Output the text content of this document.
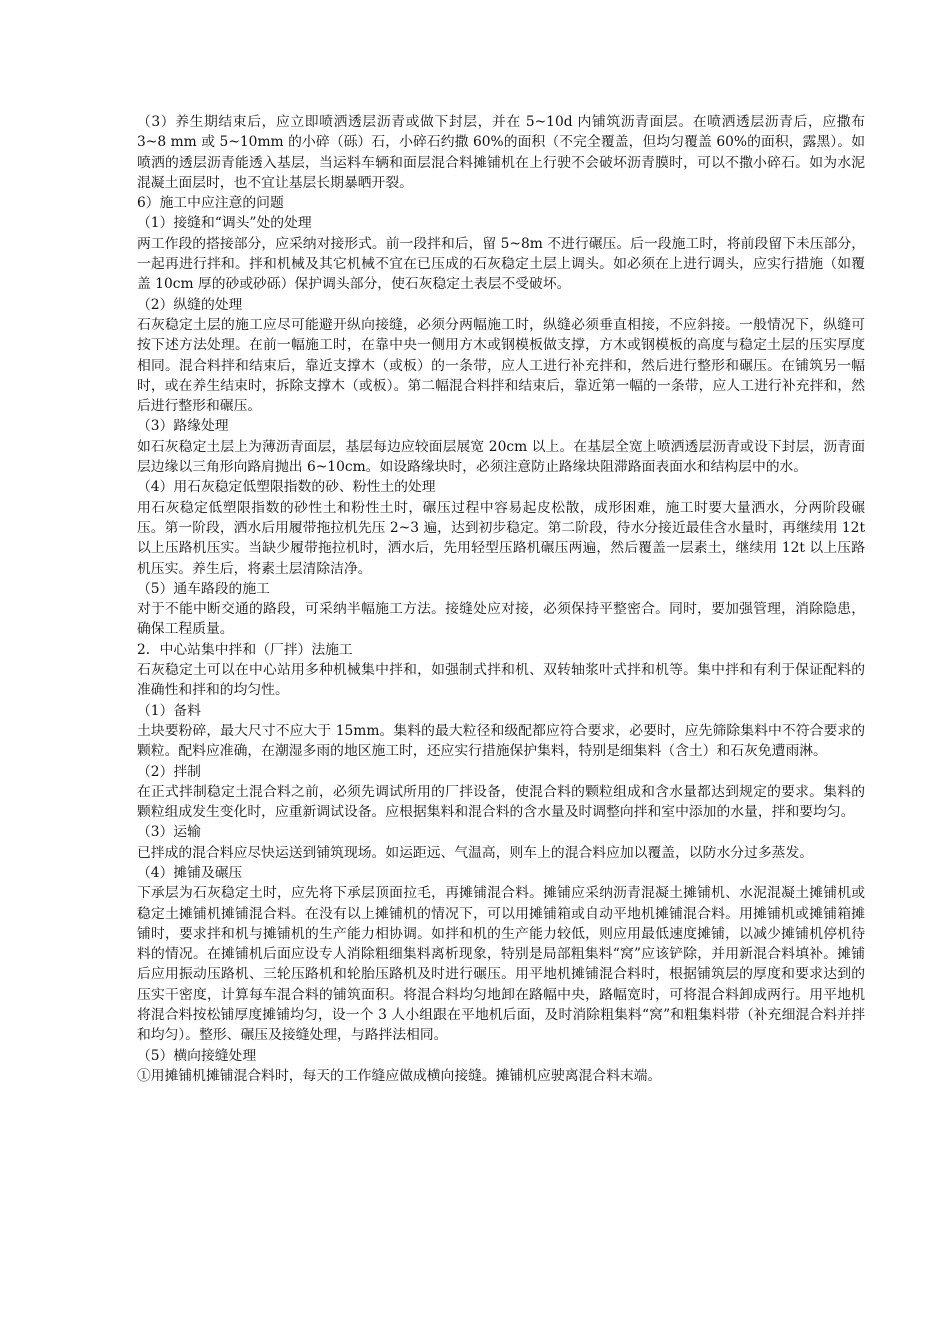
（3）养生期结束后，应立即喷洒透层沥青或做下封层，并在 5~10d 内铺筑沥青面层。在喷洒透层沥青后，应撒布 3~8 mm 或 5~10mm 的小碎（砾）石，小碎石约撒 60%的面积（不完全覆盖，但均匀覆盖 60%的面积，露黑）。如喷洒的透层沥青能透入基层，当运料车辆和面层混合料摊铺机在上行驶不会破坏沥青膜时，可以不撒小碎石。如为水泥混凝土面层时，也不宜让基层长期暴晒开裂。

6）施工中应注意的问题

（1）接缝和“调头”处的处理

两工作段的搭接部分，应采纳对接形式。前一段拌和后，留 5~8m 不进行碾压。后一段施工时，将前段留下未压部分，一起再进行拌和。拌和机械及其它机械不宜在已压成的石灰稳定土层上调头。如必须在上进行调头，应实行措施（如覆盖 10cm 厚的砂或砂砾）保护调头部分，使石灰稳定土表层不受破坏。

（2）纵缝的处理

石灰稳定土层的施工应尽可能避开纵向接缝，必须分两幅施工时，纵缝必须垂直相接，不应斜接。一般情况下，纵缝可按下述方法处理。在前一幅施工时，在靠中央一侧用方木或钢模板做支撑，方木或钢模板的高度与稳定土层的压实厚度相同。混合料拌和结束后，靠近支撑木（或板）的一条带，应人工进行补充拌和，然后进行整形和碾压。在铺筑另一幅时，或在养生结束时，拆除支撑木（或板）。第二幅混合料拌和结束后，靠近第一幅的一条带，应人工进行补充拌和，然后进行整形和碾压。

（3）路缘处理

如石灰稳定土层上为薄沥青面层，基层每边应较面层展宽 20cm 以上。在基层全宽上喷洒透层沥青或设下封层，沥青面层边缘以三角形向路肩抛出 6~10cm。如设路缘块时，必须注意防止路缘块阻滞路面表面水和结构层中的水。

（4）用石灰稳定低塑限指数的砂、粉性土的处理

用石灰稳定低塑限指数的砂性土和粉性土时，碾压过程中容易起皮松散，成形困难，施工时要大量洒水，分两阶段碾压。第一阶段，洒水后用履带拖拉机先压 2~3 遍，达到初步稳定。第二阶段，待水分接近最佳含水量时，再继续用 12t 以上压路机压实。当缺少履带拖拉机时，洒水后，先用轻型压路机碾压两遍，然后覆盖一层素土，继续用 12t 以上压路机压实。养生后，将素土层清除洁净。

（5）通车路段的施工

对于不能中断交通的路段，可采纳半幅施工方法。接缝处应对接，必须保持平整密合。同时，要加强管理，消除隐患，确保工程质量。

2．中心站集中拌和（厂拌）法施工

石灰稳定土可以在中心站用多种机械集中拌和，如强制式拌和机、双转轴浆叶式拌和机等。集中拌和有利于保证配料的准确性和拌和的均匀性。

（1）备料

土块要粉碎，最大尺寸不应大于 15mm。集料的最大粒径和级配都应符合要求，必要时，应先筛除集料中不符合要求的颗粒。配料应准确，在潮湿多雨的地区施工时，还应实行措施保护集料，特别是细集料（含土）和石灰免遭雨淋。

（2）拌制

在正式拌制稳定土混合料之前，必须先调试所用的厂拌设备，使混合料的颗粒组成和含水量都达到规定的要求。集料的颗粒组成发生变化时，应重新调试设备。应根据集料和混合料的含水量及时调整向拌和室中添加的水量，拌和要均匀。

（3）运输

已拌成的混合料应尽快运送到铺筑现场。如运距远、气温高，则车上的混合料应加以覆盖，以防水分过多蒸发。

（4）摊铺及碾压

下承层为石灰稳定土时，应先将下承层顶面拉毛，再摊铺混合料。摊铺应采纳沥青混凝土摊铺机、水泥混凝土摊铺机或稳定土摊铺机摊铺混合料。在没有以上摊铺机的情况下，可以用摊铺箱或自动平地机摊铺混合料。用摊铺机或摊铺箱摊铺时，要求拌和机与摊铺机的生产能力相协调。如拌和机的生产能力较低，则应用最低速度摊铺，以减少摊铺机停机待料的情况。在摊铺机后面应设专人消除粗细集料离析现象，特别是局部粗集料“窝”应该铲除，并用新混合料填补。摊铺后应用振动压路机、三轮压路机和轮胎压路机及时进行碾压。用平地机摊铺混合料时，根据铺筑层的厚度和要求达到的压实干密度，计算每车混合料的铺筑面积。将混合料均匀地卸在路幅中央，路幅宽时，可将混合料卸成两行。用平地机将混合料按松铺厚度摊铺均匀，设一个 3 人小组跟在平地机后面，及时消除粗集料“窝”和粗集料带（补充细混合料并拌和均匀）。整形、碾压及接缝处理，与路拌法相同。

（5）横向接缝处理

①用摊铺机摊铺混合料时，每天的工作缝应做成横向接缝。摊铺机应驶离混合料末端。
